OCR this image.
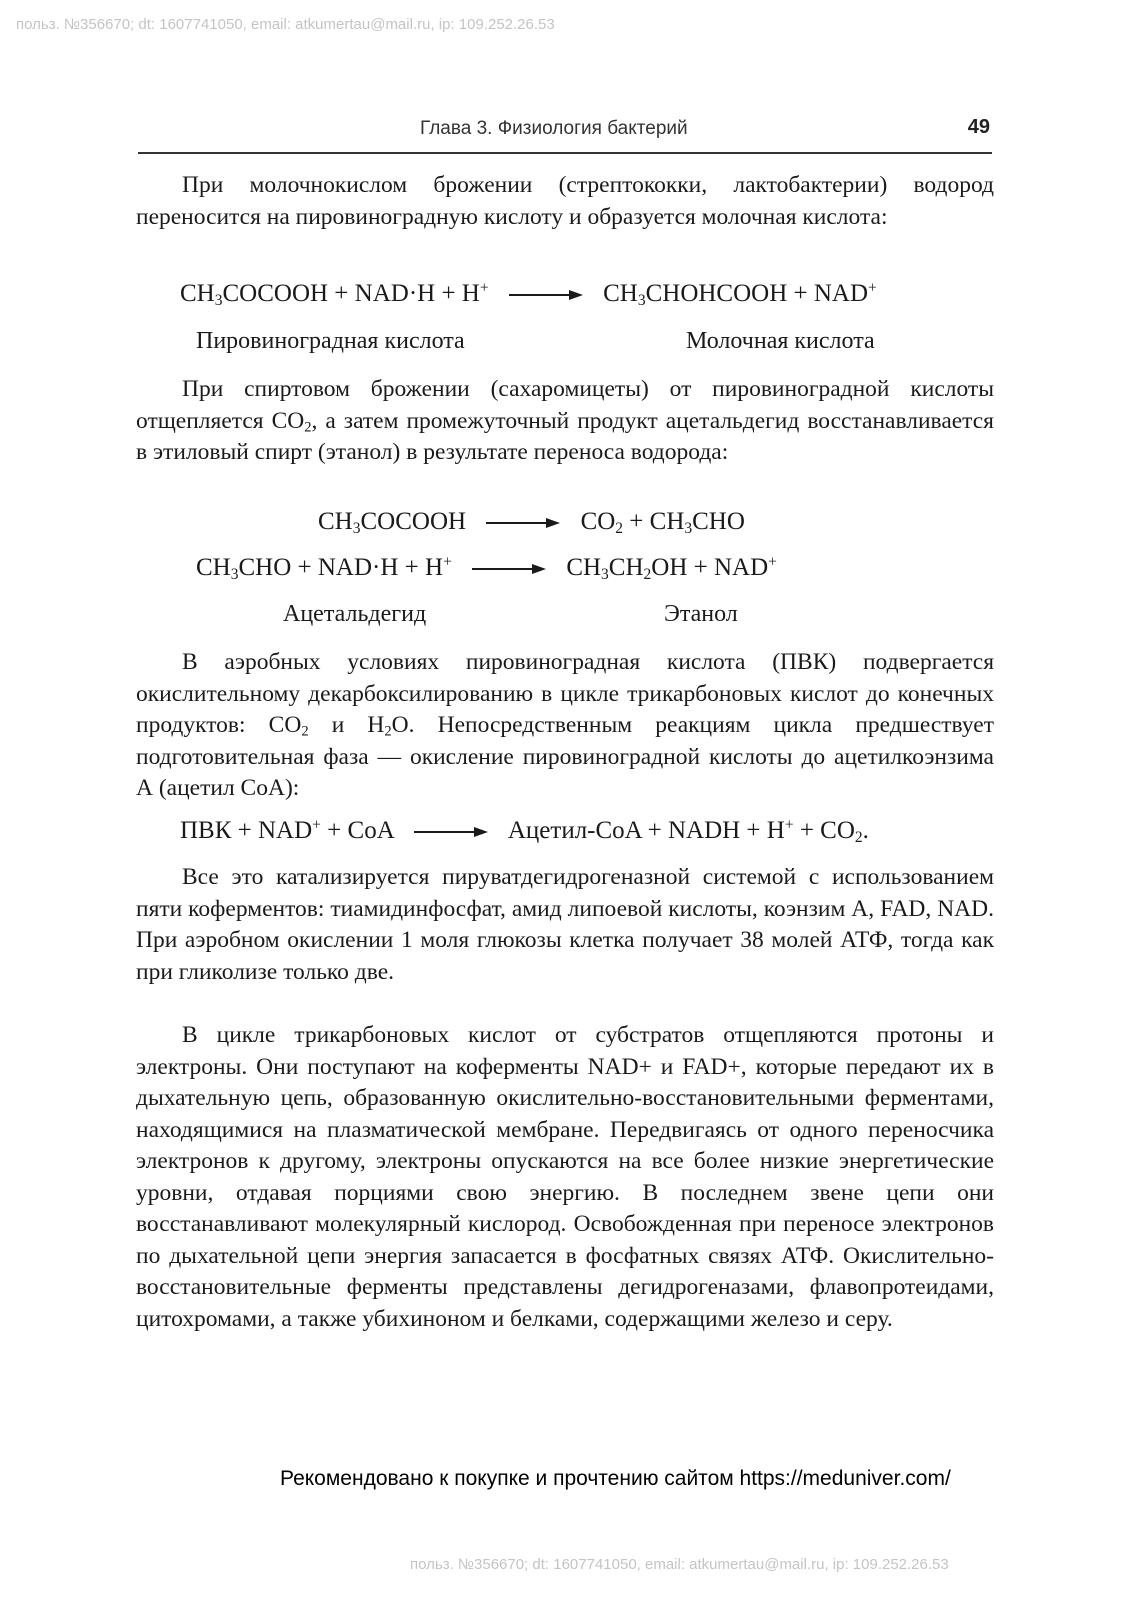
польз. №356670; dt: 1607741050, email: atkumertau@mail.ru, ip: 109.252.26.53
Глава 3. Физиология бактерий	49

При молочнокислом брожении (стрептококки, лактобактерии) водород переносится на пировиноградную кислоту и образуется молочная кислота:

$CH_3COCOOH + NAD\cdot H + H^+$	$CH_3CHOHCOOH + NAD^+$
Пировиноградная кислота	Молочная кислота

При спиртовом брожении (сахаромицеты) от пировиноградной кислоты отщепляется $CO_2$, а затем промежуточный продукт ацетальдегид восстанавливается в этиловый спирт (этанол) в результате переноса водорода:

$CH_3COCOOH$	$CO_2 + CH_3CHO$
$CH_3CHO + NAD\cdot H + H^+$	$CH_3CH_2OH + NAD^+$
Ацетальдегид	Этанол

В аэробных условиях пировиноградная кислота (ПВК) подвергается окислительному декарбоксилированию в цикле трикарбоновых кислот до конечных продуктов: $CO_2$ и $H_2O$. Непосредственным реакциям цикла предшествует подготовительная фаза — окисление пировиноградной кислоты до ацетилкоэнзима А (ацетил CoA):

ПВК + NAD+ + CoA	Ацетил-CoA + NADH + $H^+ + CO_2$.

Все это катализируется пируватдегидрогеназной системой с использованием пяти коферментов: тиамидинфосфат, амид липоевой кислоты, коэнзим А, FAD, NAD. При аэробном окислении 1 моля глюкозы клетка получает 38 молей АТФ, тогда как при гликолизе только две.

В цикле трикарбоновых кислот от субстратов отщепляются протоны и электроны. Они поступают на коферменты NAD+ и FAD+, которые передают их в дыхательную цепь, образованную окислительно-восстановительными ферментами, находящимися на плазматической мембране. Передвигаясь от одного переносчика электронов к другому, электроны опускаются на все более низкие энергетические уровни, отдавая порциями свою энергию. В последнем звене цепи они восстанавливают молекулярный кислород. Освобожденная при переносе электронов по дыхательной цепи энергия запасается в фосфатных связях АТФ. Окислительно-восстановительные ферменты представлены дегидрогеназами, флавопротеидами, цитохромами, а также убихиноном и белками, содержащими железо и серу.

Рекомендовано к покупке и прочтению сайтом https://meduniver.com/
польз. №356670; dt: 1607741050, email: atkumertau@mail.ru, ip: 109.252.26.53
